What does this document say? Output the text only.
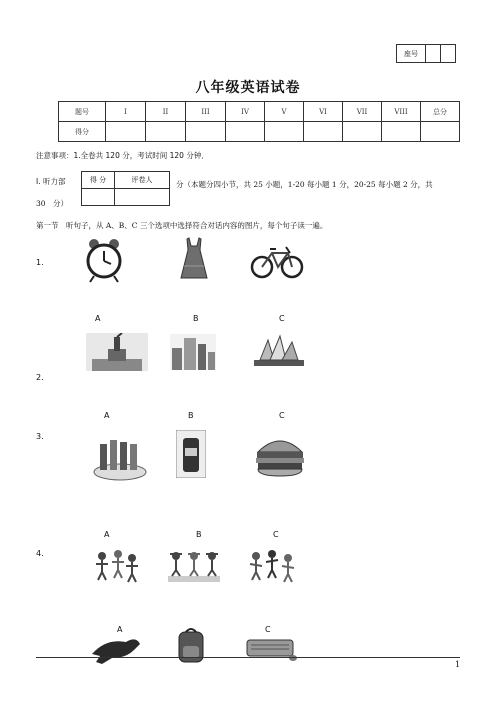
座号		
八年级英语试卷
题号	I	II	III	IV	V	VI	VII	VIII	总分
得分									
注意事项：1.全卷共 120 分，考试时间 120 分钟．
I. 听力部	得 分	评卷人
		分（本题分四小节，共 25 小题，1-20 每小题 1 分，20-25 每小题 2 分，共
30　分）
第一节　听句子，从 A、B、C 三个选项中选择符合对话内容的图片，每个句子读一遍。
1.
A	B	C
2.
A	B	C
3.
A	B	C
4.
A	C
1
